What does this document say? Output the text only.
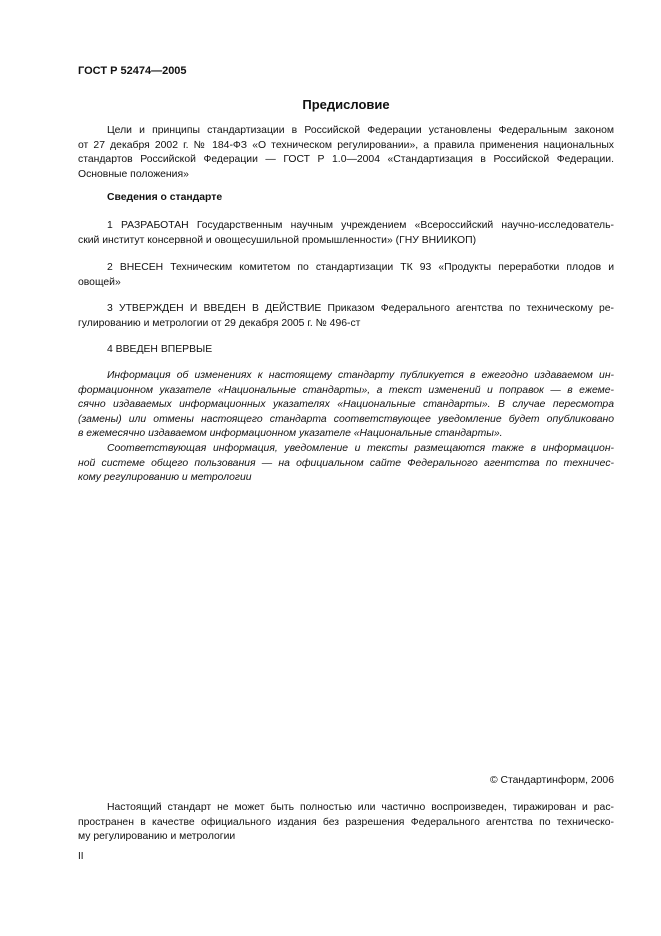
ГОСТ Р 52474—2005
Предисловие
Цели и принципы стандартизации в Российской Федерации установлены Федеральным законом
от 27 декабря 2002 г. № 184-ФЗ «О техническом регулировании», а правила применения национальных
стандартов Российской Федерации — ГОСТ Р 1.0—2004 «Стандартизация в Российской Федерации.
Основные положения»
Сведения о стандарте
1 РАЗРАБОТАН Государственным научным учреждением «Всероссийский научно-исследователь-
ский институт консервной и овощесушильной промышленности» (ГНУ ВНИИКОП)
2 ВНЕСЕН Техническим комитетом по стандартизации ТК 93 «Продукты переработки плодов и
овощей»
3 УТВЕРЖДЕН И ВВЕДЕН В ДЕЙСТВИЕ Приказом Федерального агентства по техническому ре-
гулированию и метрологии от 29 декабря 2005 г. № 496-ст
4 ВВЕДЕН ВПЕРВЫЕ
Информация об изменениях к настоящему стандарту публикуется в ежегодно издаваемом ин-
формационном указателе «Национальные стандарты», а текст изменений и поправок — в ежеме-
сячно издаваемых информационных указателях «Национальные стандарты». В случае пересмотра
(замены) или отмены настоящего стандарта соответствующее уведомление будет опубликовано
в ежемесячно издаваемом информационном указателе «Национальные стандарты».
Соответствующая информация, уведомление и тексты размещаются также в информацион-
ной системе общего пользования — на официальном сайте Федерального агентства по техничес-
кому регулированию и метрологии
© Стандартинформ, 2006
Настоящий стандарт не может быть полностью или частично воспроизведен, тиражирован и рас-
пространен в качестве официального издания без разрешения Федерального агентства по техническо-
му регулированию и метрологии
II
